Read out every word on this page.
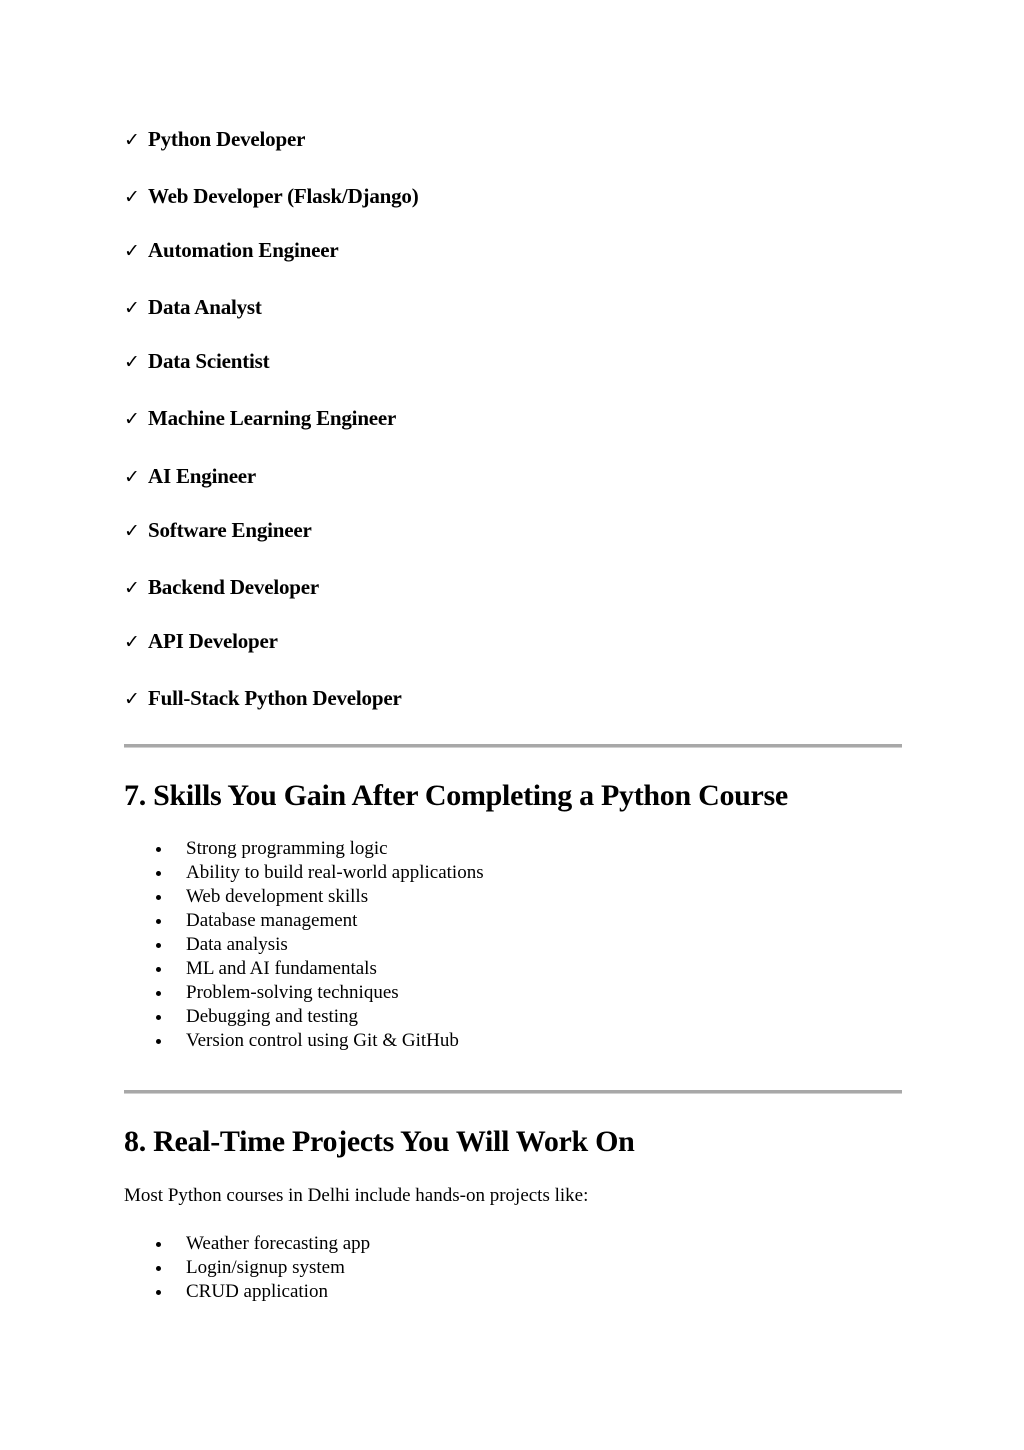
✓ Python Developer
✓ Web Developer (Flask/Django)
✓ Automation Engineer
✓ Data Analyst
✓ Data Scientist
✓ Machine Learning Engineer
✓ AI Engineer
✓ Software Engineer
✓ Backend Developer
✓ API Developer
✓ Full-Stack Python Developer
7. Skills You Gain After Completing a Python Course
Strong programming logic
Ability to build real-world applications
Web development skills
Database management
Data analysis
ML and AI fundamentals
Problem-solving techniques
Debugging and testing
Version control using Git & GitHub
8. Real-Time Projects You Will Work On

Most Python courses in Delhi include hands-on projects like:

Weather forecasting app
Login/signup system
CRUD application
